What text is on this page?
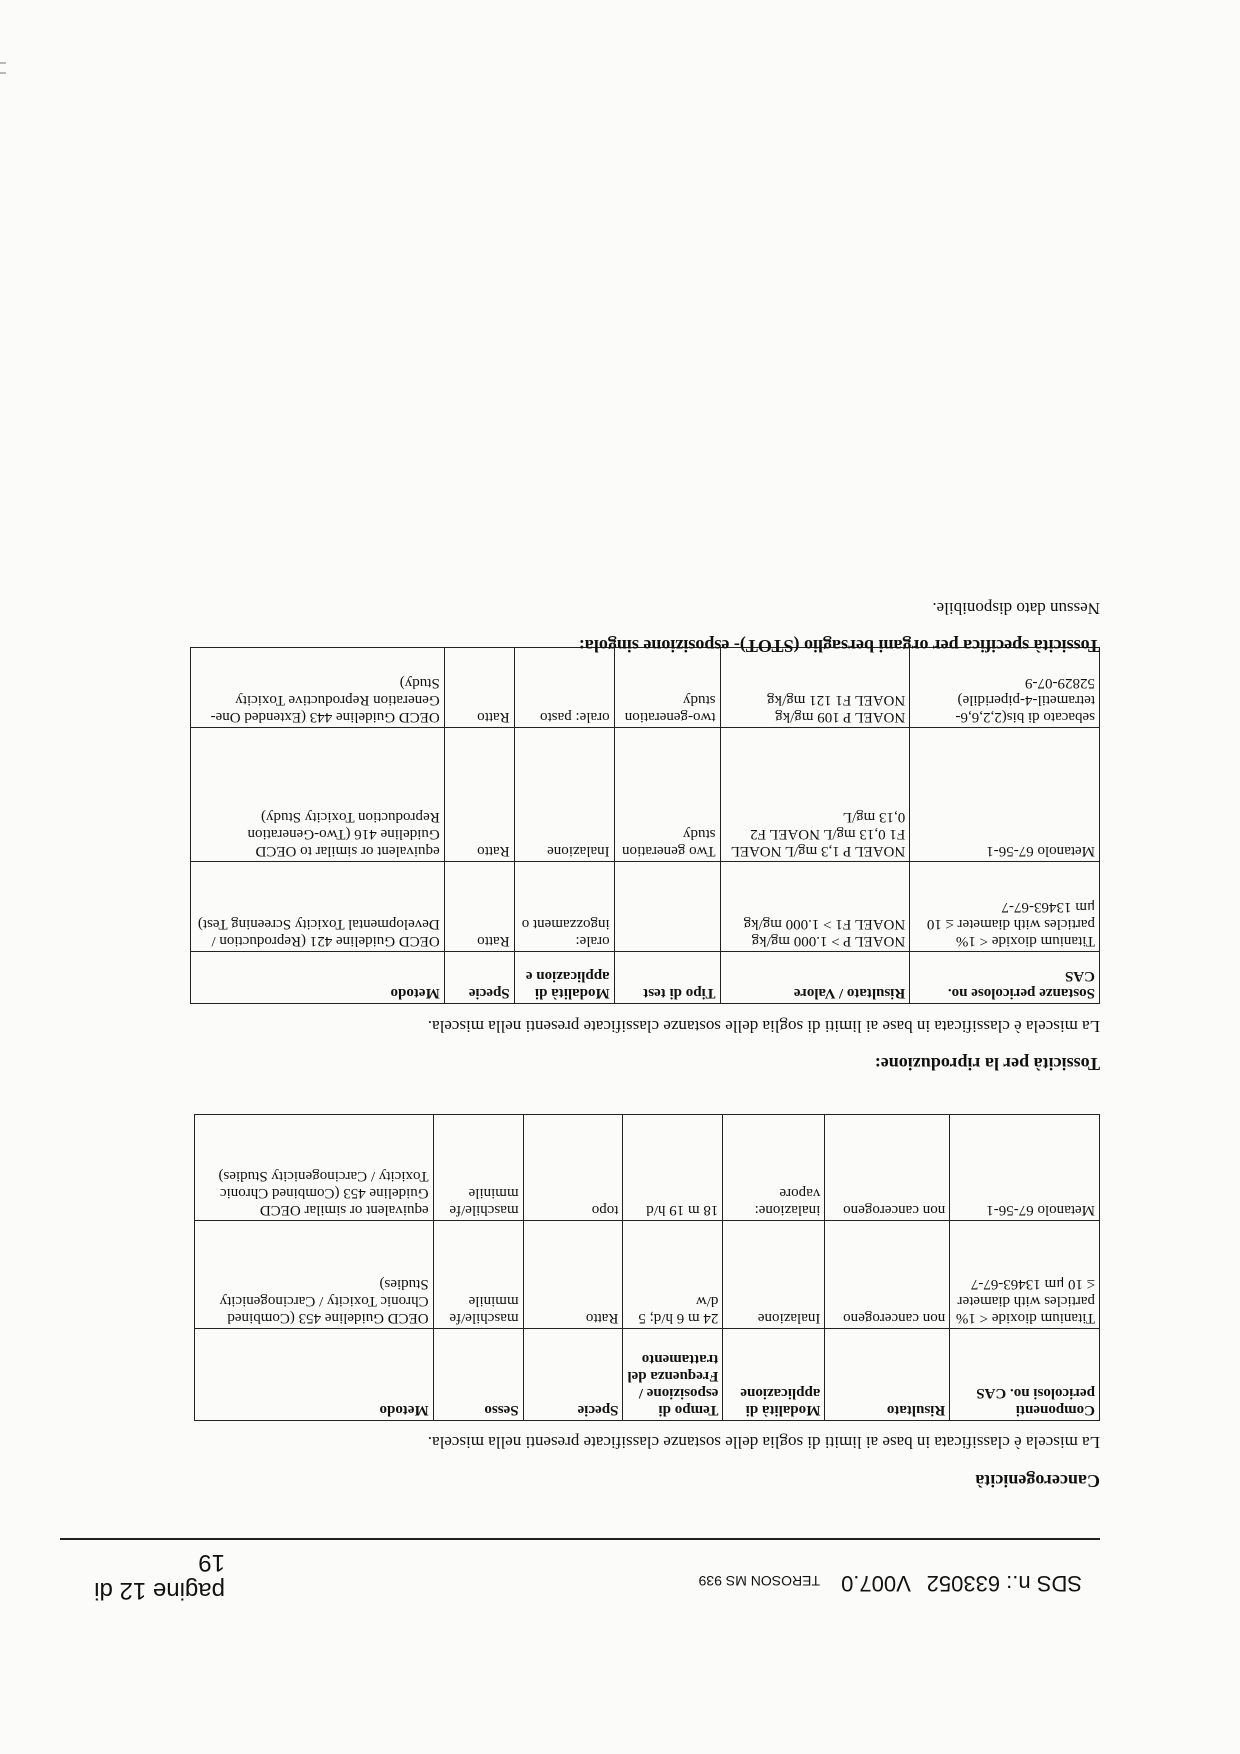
SDS n.: 633052   V007.0    TEROSON MS 939
pagine 12 di 19
Cancerogenicità
La miscela è classificata in base ai limiti di soglia delle sostanze classificate presenti nella miscela.
Componenti pericolosi no. CAS	Risultato	Modalità di applicazione	Tempo di esposizione / Frequenza del trattamento	Specie	Sesso	Metodo
Titanium dioxide < 1% particles with diameter ≤ 10 μm 13463-67-7	non cancerogeno	Inalazione	24 m 6 h/d; 5 d/w	Ratto	maschile/fe mminile	OECD Guideline 453 (Combined Chronic Toxicity / Carcinogenicity Studies)
Metanolo 67-56-1	non cancerogeno	inalazione: vapore	18 m 19 h/d	topo	maschile/fe mminile	equivalent or similar OECD Guideline 453 (Combined Chronic Toxicity / Carcinogenicity Studies)
Tossicità per la riproduzione:
La miscela è classificata in base ai limiti di soglia delle sostanze classificate presenti nella miscela.
Sostanze pericolose no. CAS	Risultato / Valore	Tipo di test	Modalità di applicazion e	Specie	Metodo
Titanium dioxide < 1% particles with diameter ≤ 10 μm 13463-67-7	NOAEL P > 1.000 mg/kg NOAEL F1 > 1.000 mg/kg		orale: ingozzament o	Ratto	OECD Guideline 421 (Reproduction / Developmental Toxicity Screening Test)
Metanolo 67-56-1	NOAEL P 1,3 mg/L NOAEL F1 0,13 mg/L NOAEL F2 0,13 mg/L	Two generation study	Inalazione	Ratto	equivalent or similar to OECD Guideline 416 (Two-Generation Reproduction Toxicity Study)
sebacato di bis(2,2,6,6-tetrametil-4-piperidile) 52829-07-9	NOAEL P 109 mg/kg NOAEL F1 121 mg/kg	two-generation study	orale: pasto	Ratto	OECD Guideline 443 (Extended One-Generation Reproductive Toxicity Study)
Tossicità specifica per organi bersaglio (STOT)- esposizione singola:
Nessun dato disponibile.
